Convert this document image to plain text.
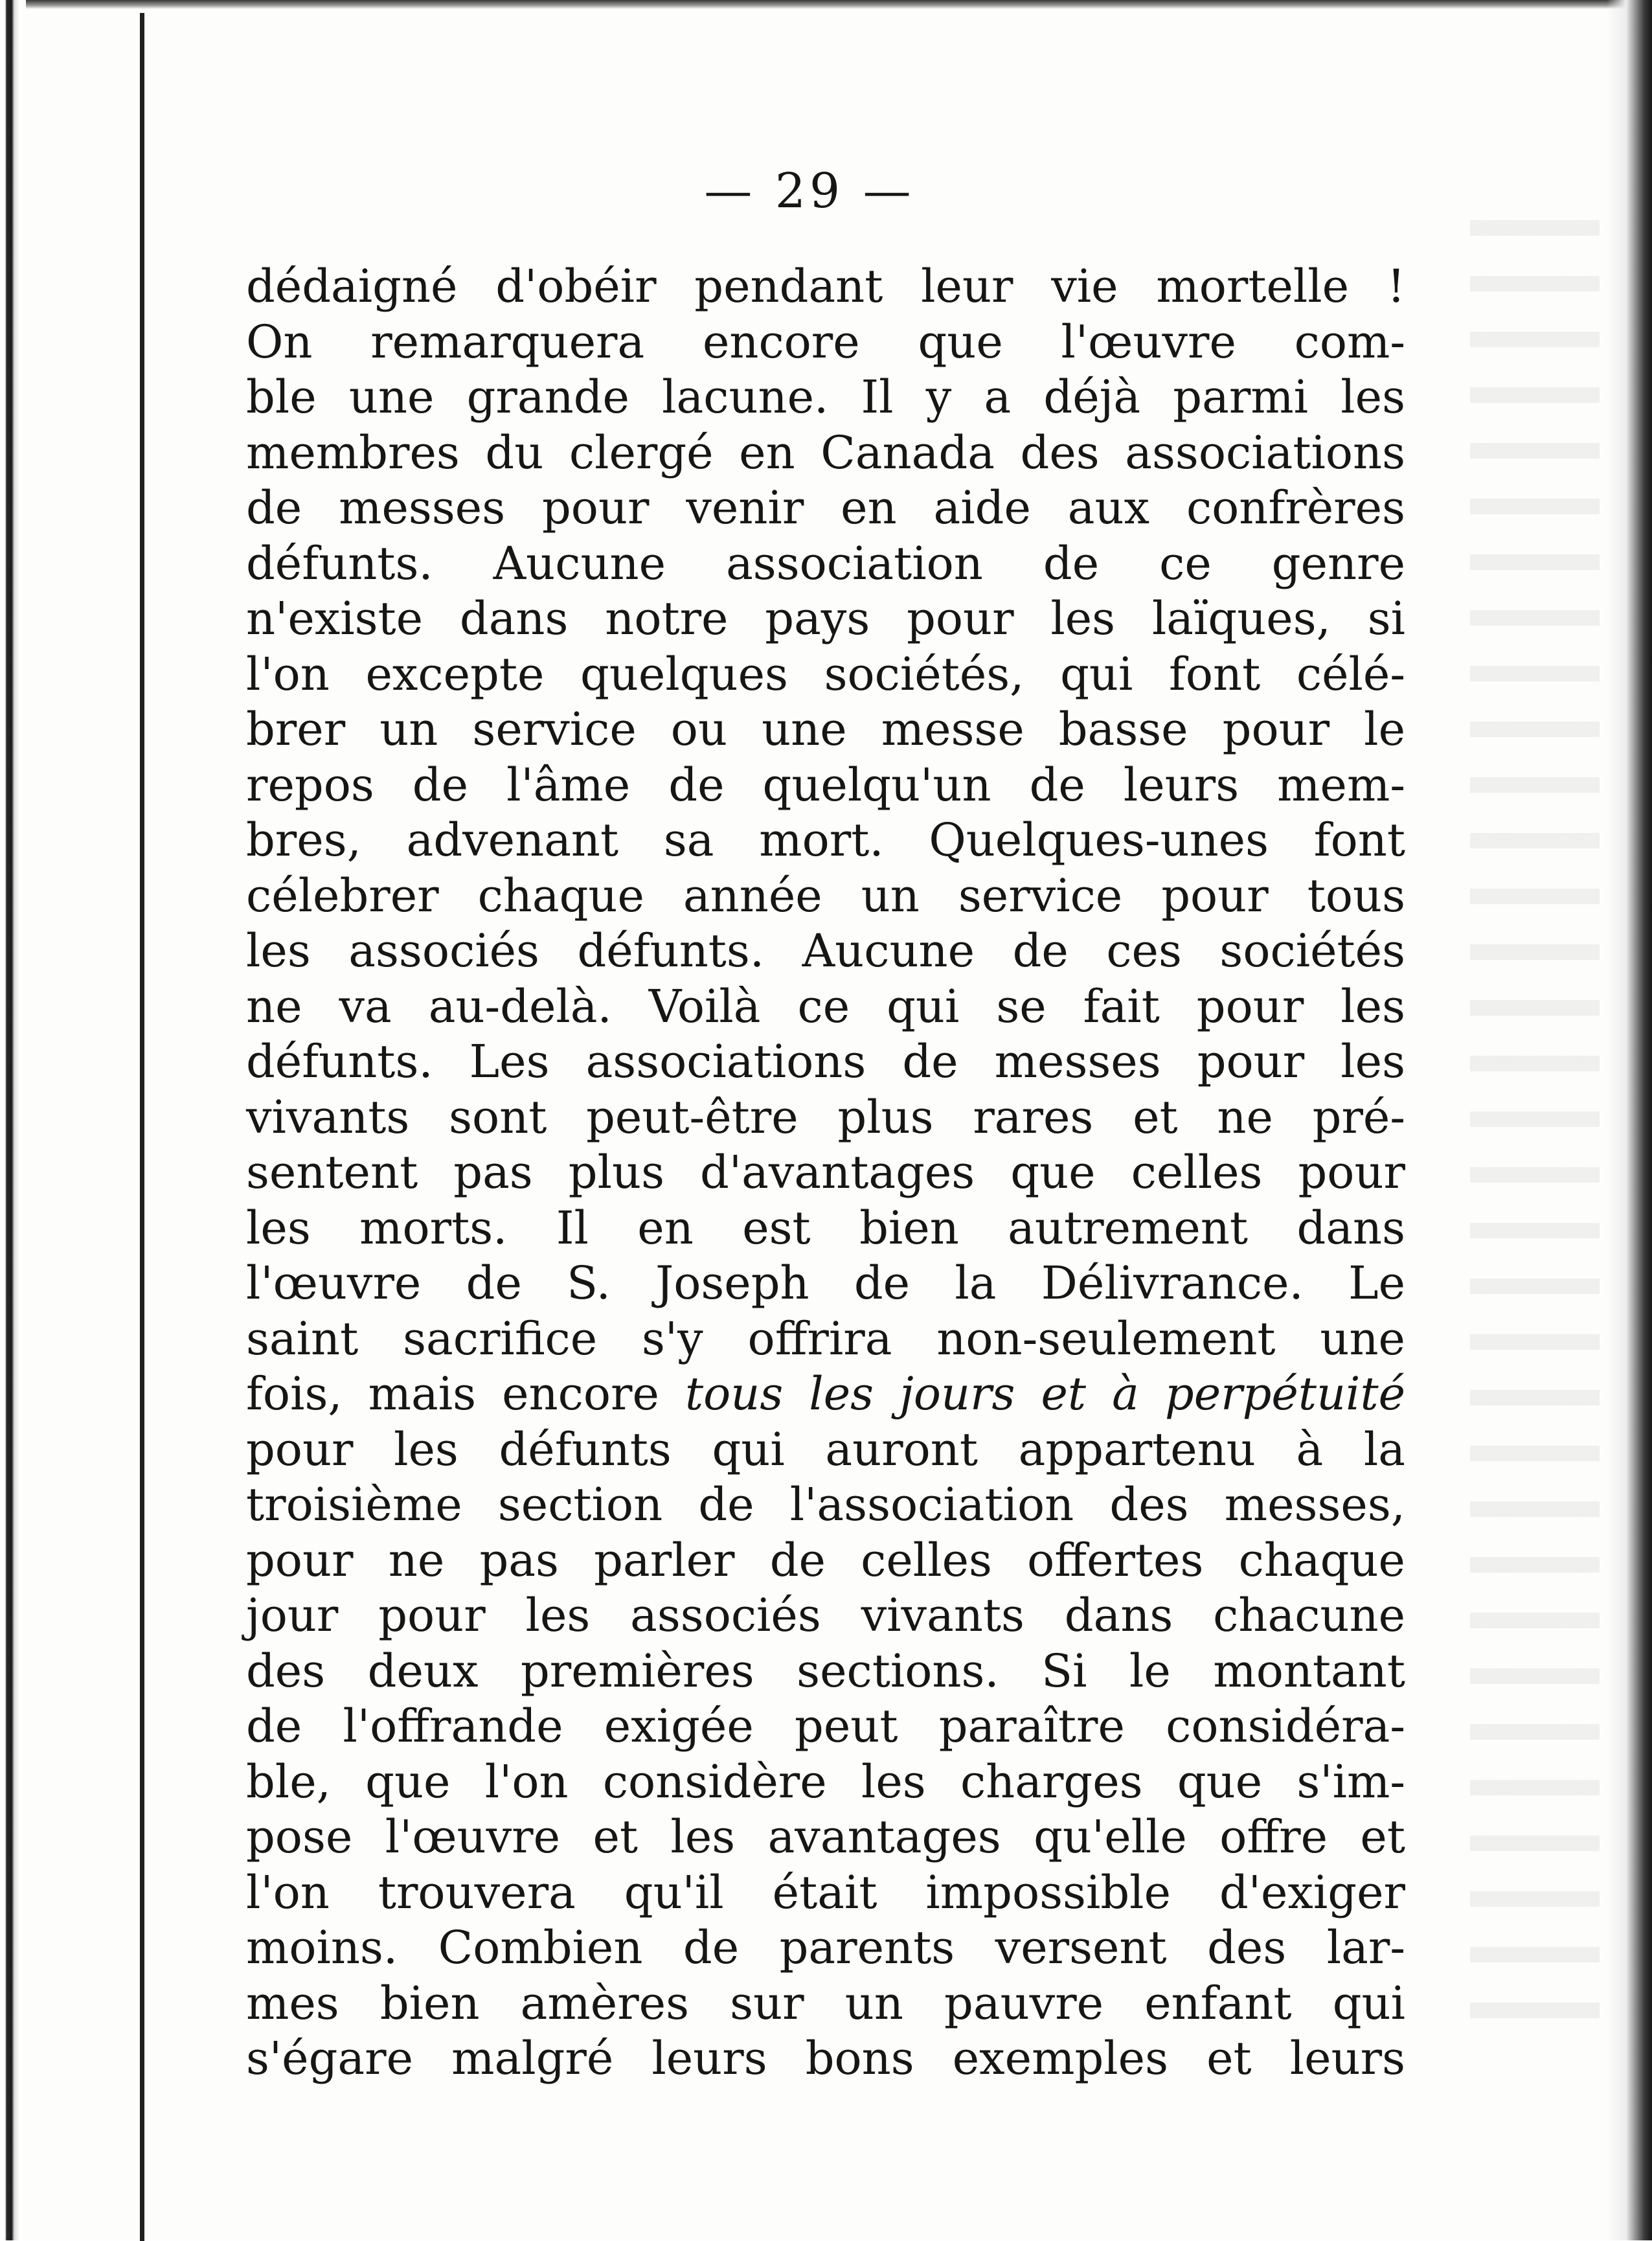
— 29 —

dédaigné d'obéir pendant leur vie mortelle !
On remarquera encore que l'œuvre com-
ble une grande lacune. Il y a déjà parmi les
membres du clergé en Canada des associations
de messes pour venir en aide aux confrères
défunts. Aucune association de ce genre
n'existe dans notre pays pour les laïques, si
l'on excepte quelques sociétés, qui font célé-
brer un service ou une messe basse pour le
repos de l'âme de quelqu'un de leurs mem-
bres, advenant sa mort. Quelques-unes font
célebrer chaque année un service pour tous
les associés défunts. Aucune de ces sociétés
ne va au-delà. Voilà ce qui se fait pour les
défunts. Les associations de messes pour les
vivants sont peut-être plus rares et ne pré-
sentent pas plus d'avantages que celles pour
les morts. Il en est bien autrement dans
l'œuvre de S. Joseph de la Délivrance. Le
saint sacrifice s'y offrira non-seulement une
fois, mais encore tous les jours et à perpétuité
pour les défunts qui auront appartenu à la
troisième section de l'association des messes,
pour ne pas parler de celles offertes chaque
jour pour les associés vivants dans chacune
des deux premières sections. Si le montant
de l'offrande exigée peut paraître considéra-
ble, que l'on considère les charges que s'im-
pose l'œuvre et les avantages qu'elle offre et
l'on trouvera qu'il était impossible d'exiger
moins. Combien de parents versent des lar-
mes bien amères sur un pauvre enfant qui
s'égare malgré leurs bons exemples et leurs
